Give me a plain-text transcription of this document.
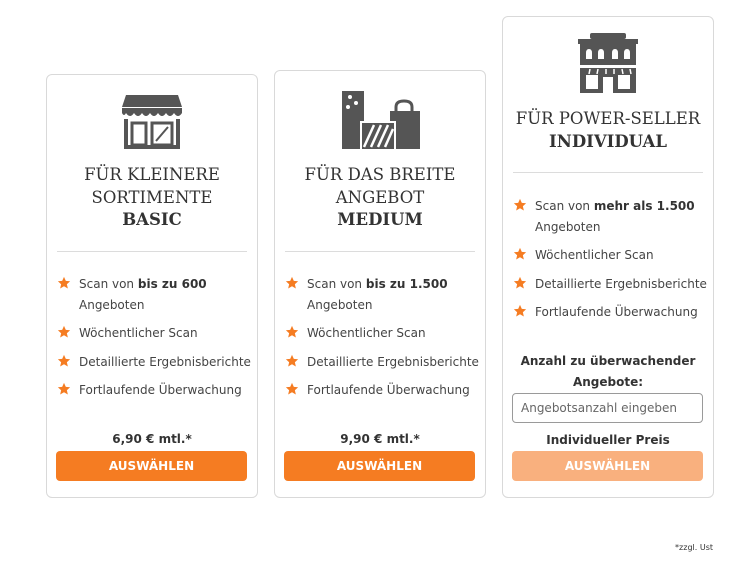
FÜR KLEINERE
SORTIMENTE
BASIC
Scan von bis zu 600 Angeboten
Wöchentlicher Scan
Detaillierte Ergebnisberichte
Fortlaufende Überwachung
6,90 € mtl.*
AUSWÄHLEN
FÜR DAS BREITE
ANGEBOT
MEDIUM
Scan von bis zu 1.500 Angeboten
Wöchentlicher Scan
Detaillierte Ergebnisberichte
Fortlaufende Überwachung
9,90 € mtl.*
AUSWÄHLEN
FÜR POWER-SELLER
INDIVIDUAL
Scan von mehr als 1.500 Angeboten
Wöchentlicher Scan
Detaillierte Ergebnisberichte
Fortlaufende Überwachung
Anzahl zu überwachender Angebote:
Angebotsanzahl eingeben
Individueller Preis
AUSWÄHLEN
*zzgl. Ust
